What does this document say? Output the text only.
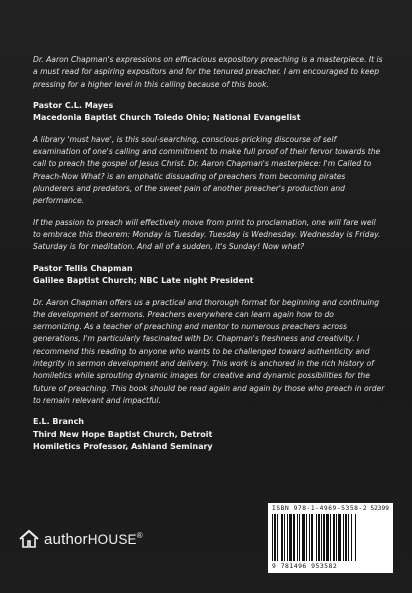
Dr. Aaron Chapman's expressions on efficacious expository preaching is a masterpiece. It is a must read for aspiring expositors and for the tenured preacher. I am encouraged to keep pressing for a higher level in this calling because of this book.

Pastor C.L. Mayes
Macedonia Baptist Church Toledo Ohio; National Evangelist

A library 'must have', is this soul-searching, conscious-pricking discourse of self examination of one's calling and commitment to make full proof of their fervor towards the call to preach the gospel of Jesus Christ. Dr. Aaron Chapman's masterpiece: I'm Called to Preach-Now What? is an emphatic dissuading of preachers from becoming pirates plunderers and predators, of the sweet pain of another preacher's production and performance.

If the passion to preach will effectively move from print to proclamation, one will fare well to embrace this theorem: Monday is Tuesday. Tuesday is Wednesday. Wednesday is Friday. Saturday is for meditation. And all of a sudden, it's Sunday! Now what?

Pastor Tellis Chapman
Galilee Baptist Church; NBC Late night President

Dr. Aaron Chapman offers us a practical and thorough format for beginning and continuing the development of sermons. Preachers everywhere can learn again how to do sermonizing. As a teacher of preaching and mentor to numerous preachers across generations, I'm particularly fascinated with Dr. Chapman's freshness and creativity. I recommend this reading to anyone who wants to be challenged toward authenticity and integrity in sermon development and delivery. This work is anchored in the rich history of homiletics while sprouting dynamic images for creative and dynamic possibilities for the future of preaching. This book should be read again and again by those who preach in order to remain relevant and impactful.

E.L. Branch
Third New Hope Baptist Church, Detroit
Homiletics Professor, Ashland Seminary
authorHOUSE®
ISBN 978-1-4969-5358-2
9 781496 953582
52399
